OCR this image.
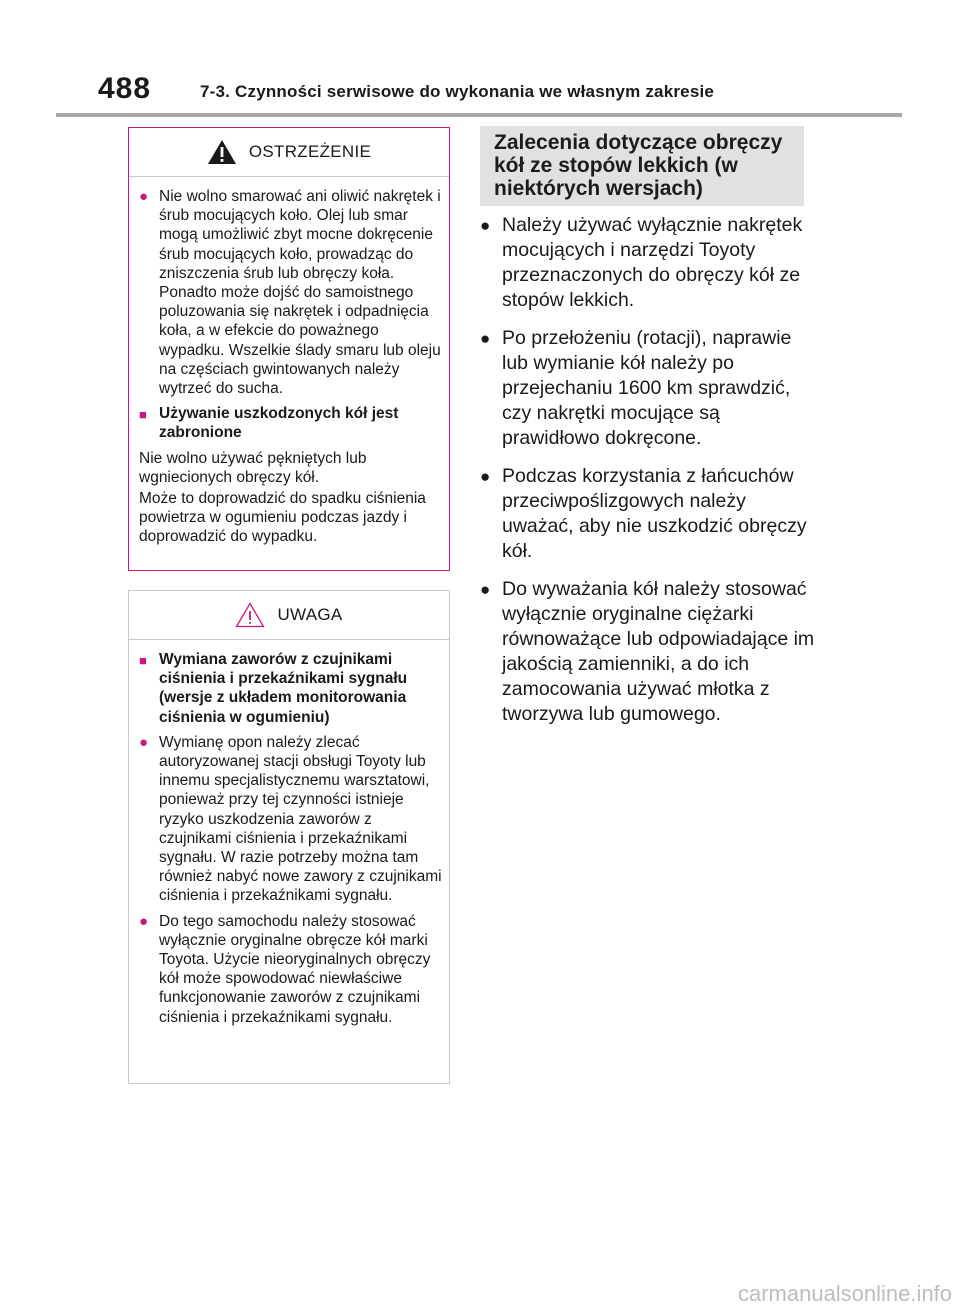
488	7-3. Czynności serwisowe do wykonania we własnym zakresie
OSTRZEŻENIE
● Nie wolno smarować ani oliwić nakrętek i śrub mocujących koło. Olej lub smar mogą umożliwić zbyt mocne dokręcenie śrub mocujących koło, prowadząc do zniszczenia śrub lub obręczy koła. Ponadto może dojść do samoistnego poluzowania się nakrętek i odpadnięcia koła, a w efekcie do poważnego wypadku. Wszelkie ślady smaru lub oleju na częściach gwintowanych należy wytrzeć do sucha.
■ Używanie uszkodzonych kół jest zabronione
Nie wolno używać pękniętych lub wgniecionych obręczy kół.
Może to doprowadzić do spadku ciśnienia powietrza w ogumieniu podczas jazdy i doprowadzić do wypadku.
UWAGA
■ Wymiana zaworów z czujnikami ciśnienia i przekaźnikami sygnału (wersje z układem monitorowania ciśnienia w ogumieniu)
● Wymianę opon należy zlecać autoryzowanej stacji obsługi Toyoty lub innemu specjalistycznemu warsztatowi, ponieważ przy tej czynności istnieje ryzyko uszkodzenia zaworów z czujnikami ciśnienia i przekaźnikami sygnału. W razie potrzeby można tam również nabyć nowe zawory z czujnikami ciśnienia i przekaźnikami sygnału.
● Do tego samochodu należy stosować wyłącznie oryginalne obręcze kół marki Toyota. Użycie nieoryginalnych obręczy kół może spowodować niewłaściwe funkcjonowanie zaworów z czujnikami ciśnienia i przekaźnikami sygnału.
Zalecenia dotyczące obręczy kół ze stopów lekkich (w niektórych wersjach)
● Należy używać wyłącznie nakrętek mocujących i narzędzi Toyoty przeznaczonych do obręczy kół ze stopów lekkich.
● Po przełożeniu (rotacji), naprawie lub wymianie kół należy po przejechaniu 1600 km sprawdzić, czy nakrętki mocujące są prawidłowo dokręcone.
● Podczas korzystania z łańcuchów przeciwpoślizgowych należy uważać, aby nie uszkodzić obręczy kół.
● Do wyważania kół należy stosować wyłącznie oryginalne ciężarki równoważące lub odpowiadające im jakością zamienniki, a do ich zamocowania używać młotka z tworzywa lub gumowego.
carmanualsonline.info
